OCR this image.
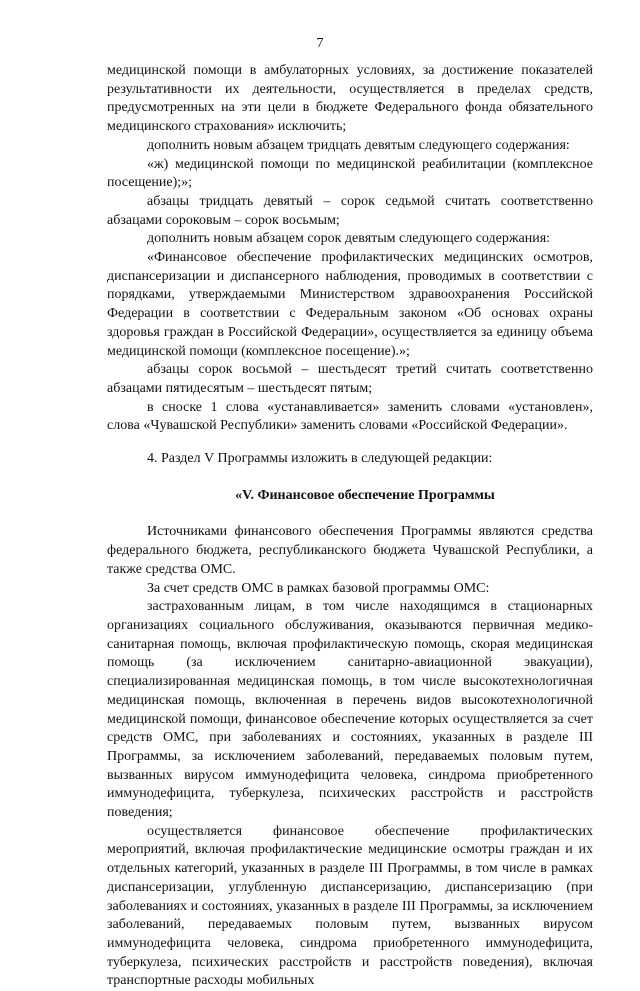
7

медицинской помощи в амбулаторных условиях, за достижение показателей результативности их деятельности, осуществляется в пределах средств, предусмотренных на эти цели в бюджете Федерального фонда обязательного медицинского страхования» исключить;

дополнить новым абзацем тридцать девятым следующего содержания:

«ж) медицинской помощи по медицинской реабилитации (комплексное посещение);»;

абзацы тридцать девятый – сорок седьмой считать соответственно абзацами сороковым – сорок восьмым;

дополнить новым абзацем сорок девятым следующего содержания:

«Финансовое обеспечение профилактических медицинских осмотров, диспансеризации и диспансерного наблюдения, проводимых в соответствии с порядками, утверждаемыми Министерством здравоохранения Российской Федерации в соответствии с Федеральным законом «Об основах охраны здоровья граждан в Российской Федерации», осуществляется за единицу объема медицинской помощи (комплексное посещение).»;

абзацы сорок восьмой – шестьдесят третий считать соответственно абзацами пятидесятым – шестьдесят пятым;

в сноске 1 слова «устанавливается» заменить словами «установлен», слова «Чувашской Республики» заменить словами «Российской Федерации».

4. Раздел V Программы изложить в следующей редакции:

«V. Финансовое обеспечение Программы

Источниками финансового обеспечения Программы являются средства федерального бюджета, республиканского бюджета Чувашской Республики, а также средства ОМС.

За счет средств ОМС в рамках базовой программы ОМС:

застрахованным лицам, в том числе находящимся в стационарных организациях социального обслуживания, оказываются первичная медико-санитарная помощь, включая профилактическую помощь, скорая медицинская помощь (за исключением санитарно-авиационной эвакуации), специализированная медицинская помощь, в том числе высокотехнологичная медицинская помощь, включенная в перечень видов высокотехнологичной медицинской помощи, финансовое обеспечение которых осуществляется за счет средств ОМС, при заболеваниях и состояниях, указанных в разделе III Программы, за исключением заболеваний, передаваемых половым путем, вызванных вирусом иммунодефицита человека, синдрома приобретенного иммунодефицита, туберкулеза, психических расстройств и расстройств поведения;

осуществляется финансовое обеспечение профилактических мероприятий, включая профилактические медицинские осмотры граждан и их отдельных категорий, указанных в разделе III Программы, в том числе в рамках диспансеризации, углубленную диспансеризацию, диспансеризацию (при заболеваниях и состояниях, указанных в разделе III Программы, за исключением заболеваний, передаваемых половым путем, вызванных вирусом иммунодефицита человека, синдрома приобретенного иммунодефицита, туберкулеза, психических расстройств и расстройств поведения), включая транспортные расходы мобильных
